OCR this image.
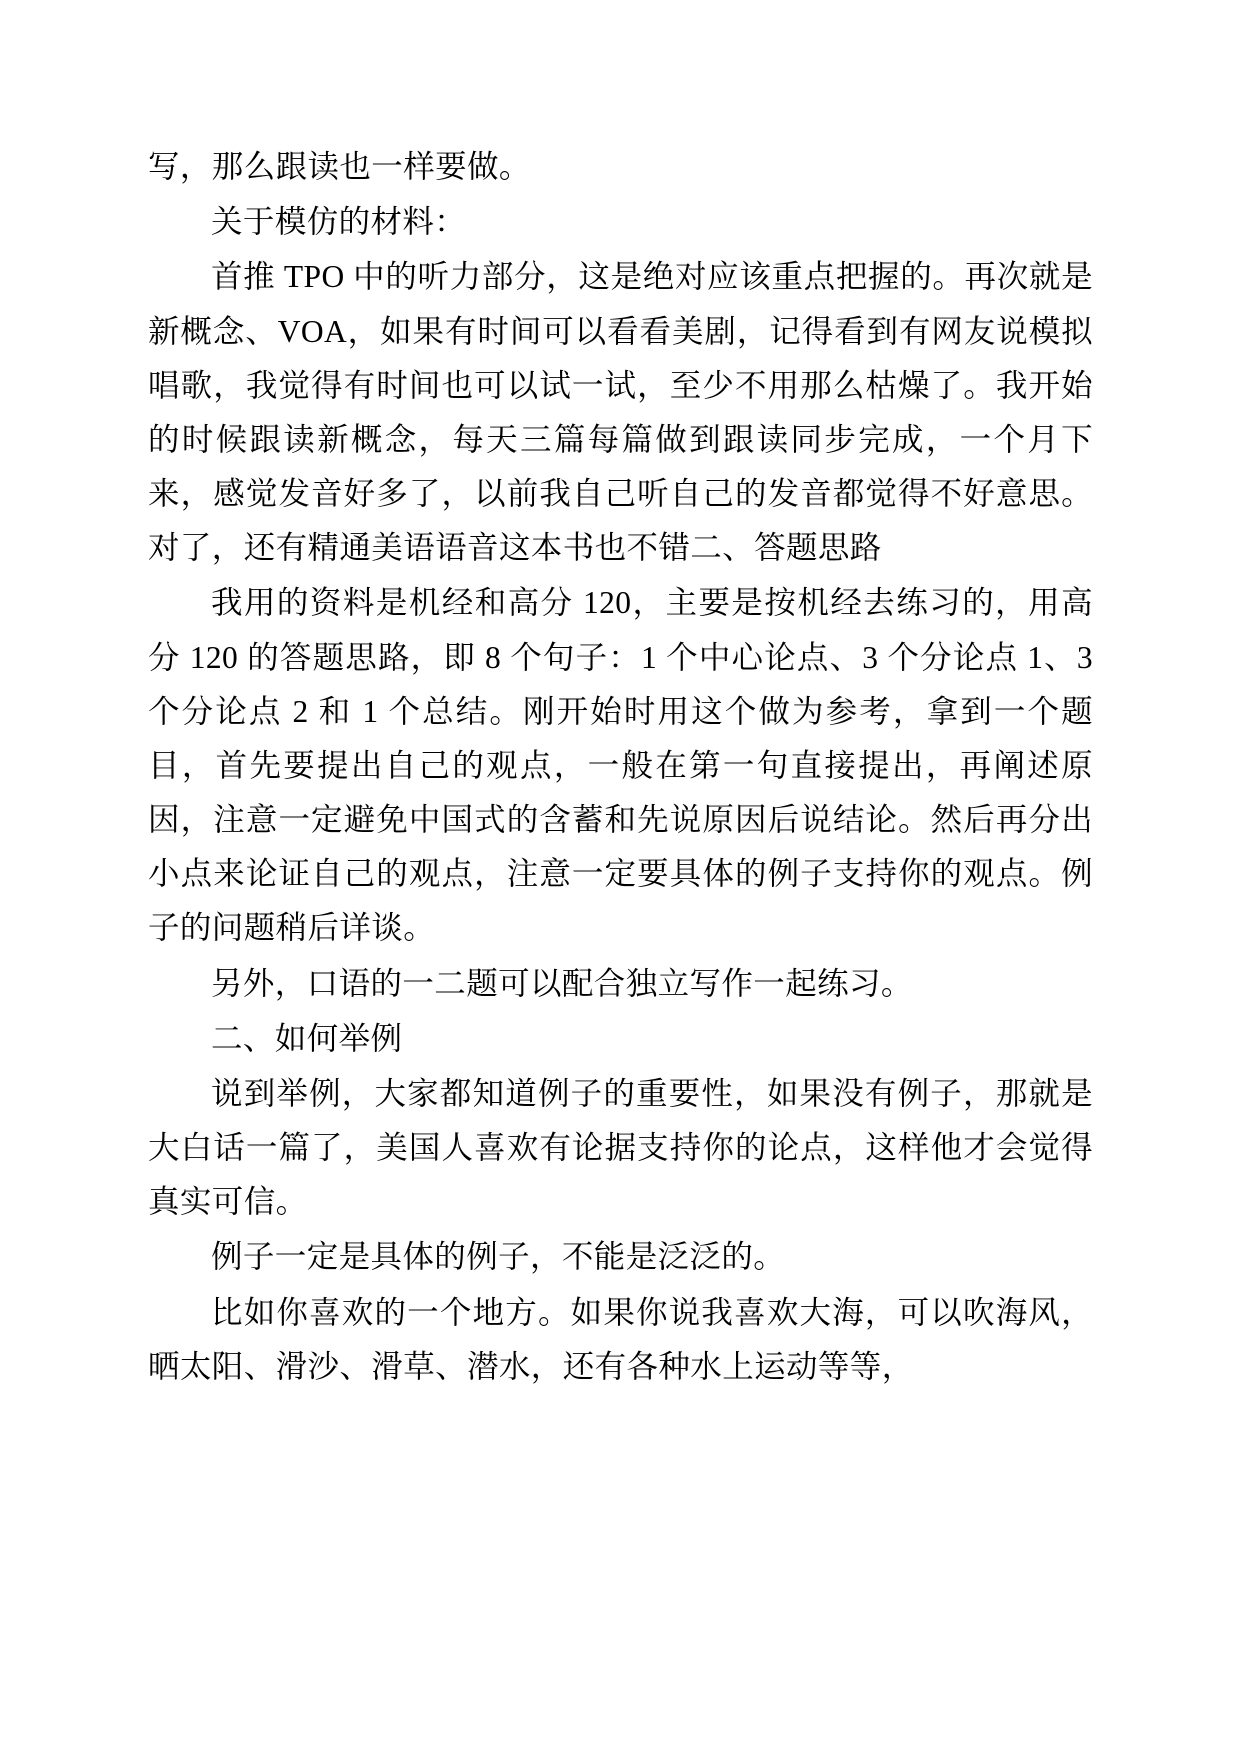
写，那么跟读也一样要做。

关于模仿的材料：

首推 TPO 中的听力部分，这是绝对应该重点把握的。再次就是新概念、VOA，如果有时间可以看看美剧，记得看到有网友说模拟唱歌，我觉得有时间也可以试一试，至少不用那么枯燥了。我开始的时候跟读新概念，每天三篇每篇做到跟读同步完成，一个月下来，感觉发音好多了，以前我自己听自己的发音都觉得不好意思。对了，还有精通美语语音这本书也不错二、答题思路

我用的资料是机经和高分 120，主要是按机经去练习的，用高分 120 的答题思路，即 8 个句子：1 个中心论点、3 个分论点 1、3 个分论点 2 和 1 个总结。刚开始时用这个做为参考，拿到一个题目，首先要提出自己的观点，一般在第一句直接提出，再阐述原因，注意一定避免中国式的含蓄和先说原因后说结论。然后再分出小点来论证自己的观点，注意一定要具体的例子支持你的观点。例子的问题稍后详谈。

另外，口语的一二题可以配合独立写作一起练习。

二、如何举例

说到举例，大家都知道例子的重要性，如果没有例子，那就是大白话一篇了，美国人喜欢有论据支持你的论点，这样他才会觉得真实可信。

例子一定是具体的例子，不能是泛泛的。

比如你喜欢的一个地方。如果你说我喜欢大海，可以吹海风，晒太阳、滑沙、滑草、潜水，还有各种水上运动等等，
